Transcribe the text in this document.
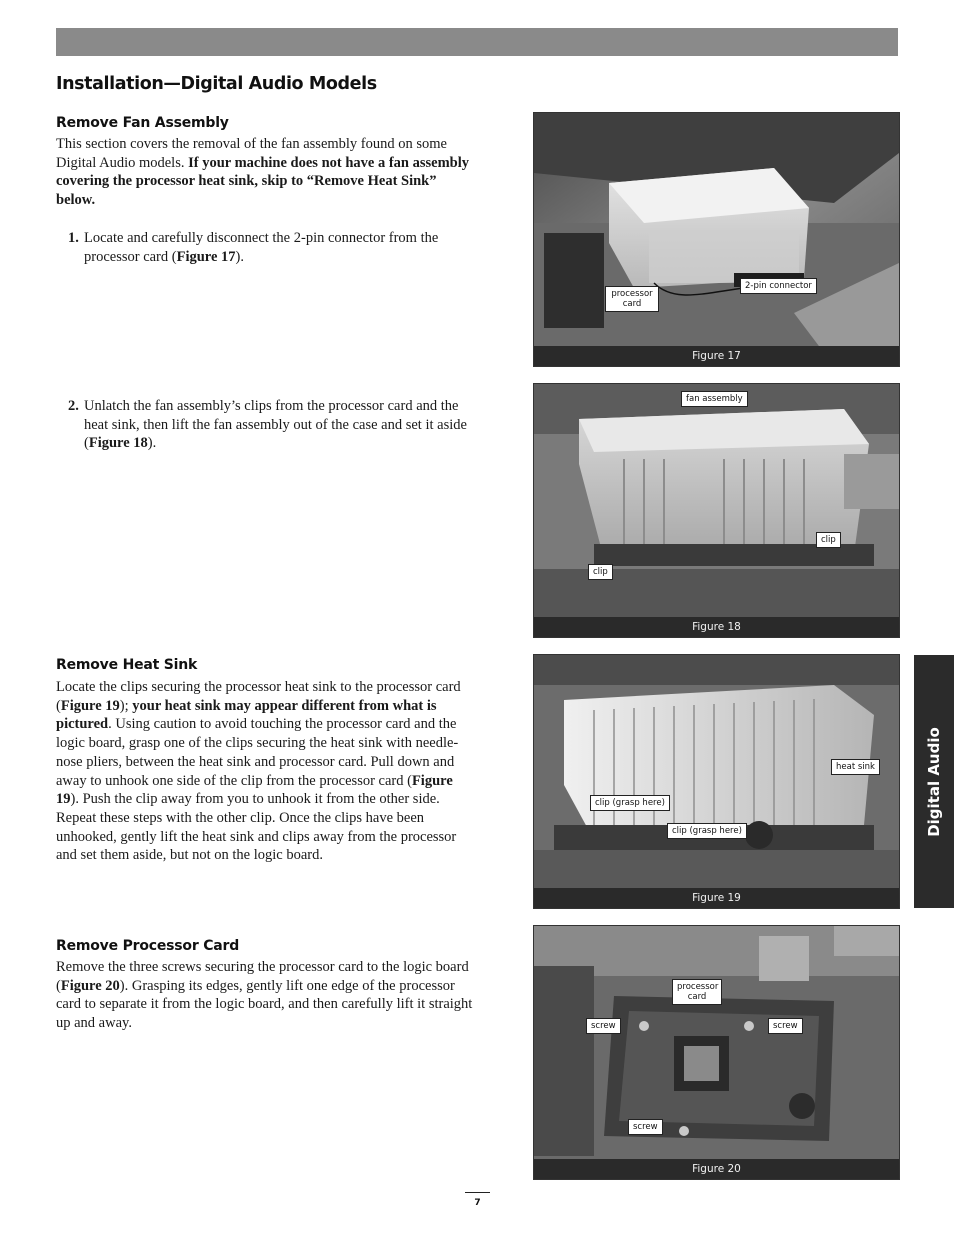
Installation—Digital Audio Models
Remove Fan Assembly
This section covers the removal of the fan assembly found on some Digital Audio models. If your machine does not have a fan assembly covering the processor heat sink, skip to “Remove Heat Sink” below.
1. Locate and carefully disconnect the 2-pin connector from the processor card (Figure 17).
2. Unlatch the fan assembly’s clips from the processor card and the heat sink, then lift the fan assembly out of the case and set it aside (Figure 18).
Remove Heat Sink
Locate the clips securing the processor heat sink to the processor card (Figure 19); your heat sink may appear different from what is pictured. Using caution to avoid touching the processor card and the logic board, grasp one of the clips securing the heat sink with needle-nose pliers, between the heat sink and processor card. Pull down and away to unhook one side of the clip from the processor card (Figure 19). Push the clip away from you to unhook it from the other side. Repeat these steps with the other clip. Once the clips have been unhooked, gently lift the heat sink and clips away from the processor and set them aside, but not on the logic board.
Remove Processor Card
Remove the three screws securing the processor card to the logic board (Figure 20). Grasping its edges, gently lift one edge of the processor card to separate it from the logic board, and then carefully lift it straight up and away.
processor card
2-pin connector
Figure 17
fan assembly
clip
clip
Figure 18
heat sink
clip (grasp here)
clip (grasp here)
Figure 19
processor card
screw	screw
screw
Figure 20
Digital Audio
7
